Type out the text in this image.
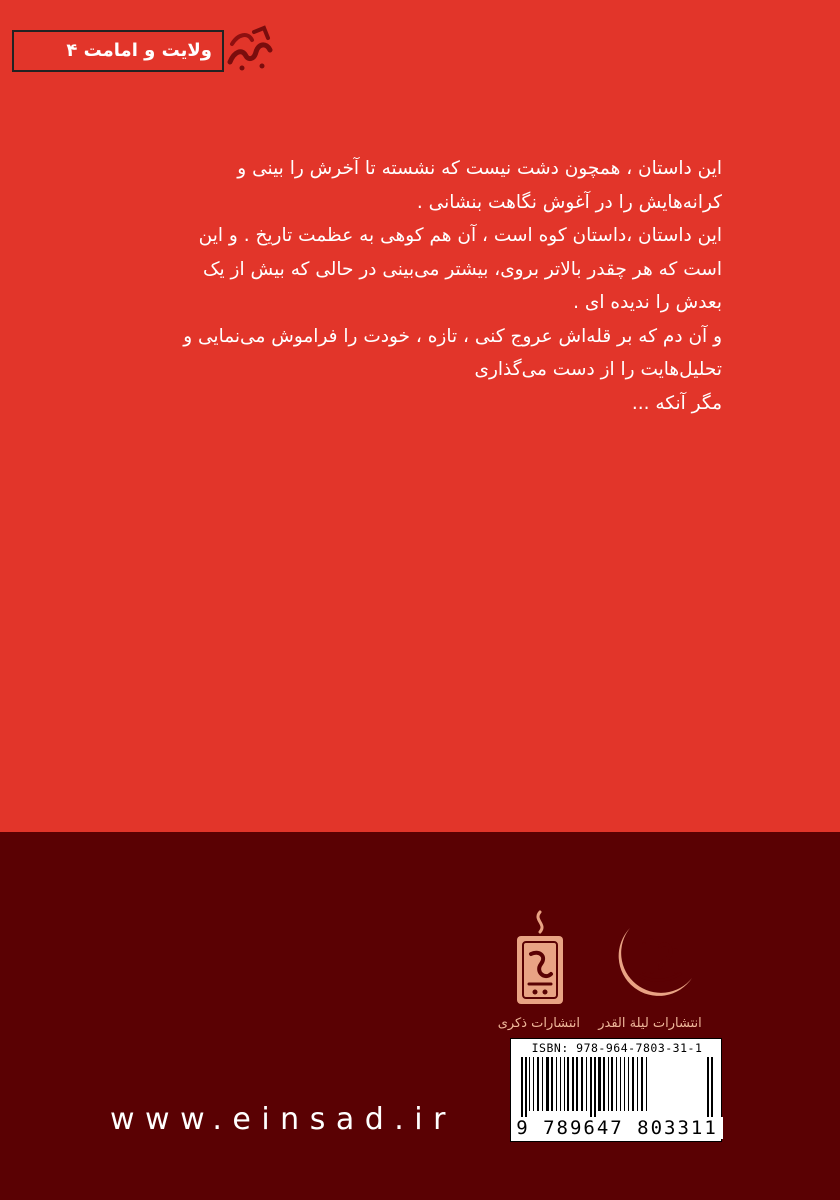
ولایت و امامت ۴
این داستان ، همچون دشت نیست که نشسته تا آخرش را بینی و
کرانه‌هایش را در آغوش نگاهت بنشانی .
این داستان ،داستان کوه است ، آن هم کوهی به عظمت تاریخ . و این
است که هر چقدر بالاتر بروی، بیشتر می‌بینی در حالی که بیش از یک
بعدش را ندیده ای .
و آن دم که بر قله‌اش عروج کنی ، تازه ، خودت را فراموش می‌نمایی و
تحلیل‌هایت را از دست می‌گذاری
مگر آنکه ...
انتشارات لیلة القدر
انتشارات ذکری
ISBN: 978-964-7803-31-1
9 789647 803311
www.einsad.ir
